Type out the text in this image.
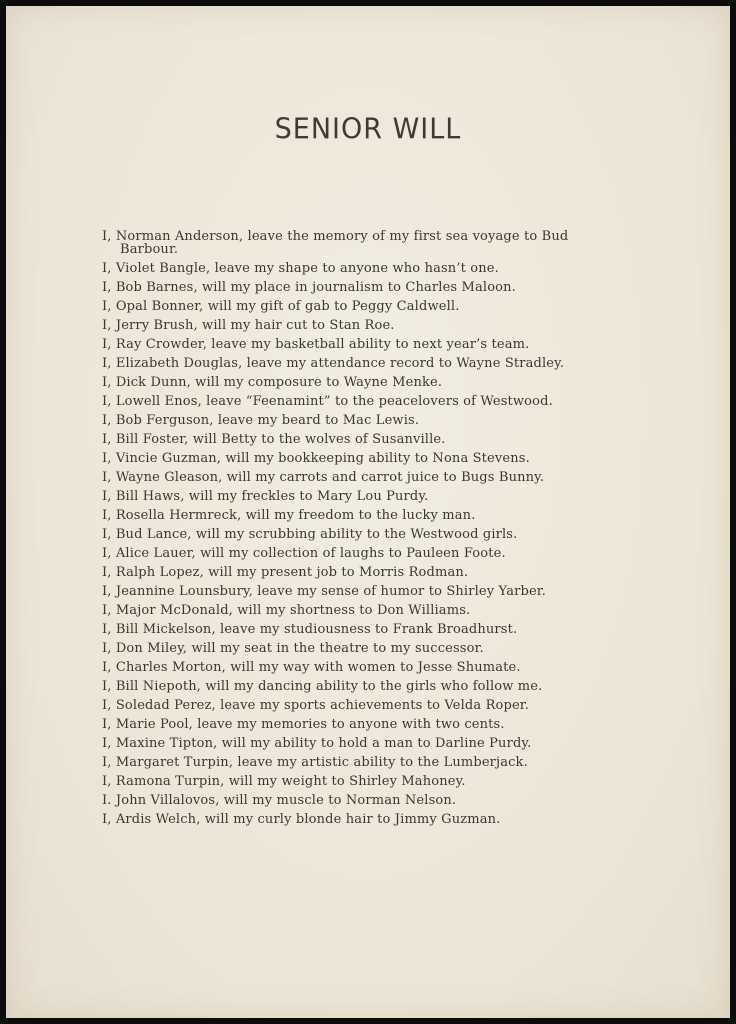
SENIOR WILL
I, Norman Anderson, leave the memory of my first sea voyage to Bud Barbour.
I, Violet Bangle, leave my shape to anyone who hasn’t one.
I, Bob Barnes, will my place in journalism to Charles Maloon.
I, Opal Bonner, will my gift of gab to Peggy Caldwell.
I, Jerry Brush, will my hair cut to Stan Roe.
I, Ray Crowder, leave my basketball ability to next year’s team.
I, Elizabeth Douglas, leave my attendance record to Wayne Stradley.
I, Dick Dunn, will my composure to Wayne Menke.
I, Lowell Enos, leave “Feenamint” to the peacelovers of Westwood.
I, Bob Ferguson, leave my beard to Mac Lewis.
I, Bill Foster, will Betty to the wolves of Susanville.
I, Vincie Guzman, will my bookkeeping ability to Nona Stevens.
I, Wayne Gleason, will my carrots and carrot juice to Bugs Bunny.
I, Bill Haws, will my freckles to Mary Lou Purdy.
I, Rosella Hermreck, will my freedom to the lucky man.
I, Bud Lance, will my scrubbing ability to the Westwood girls.
I, Alice Lauer, will my collection of laughs to Pauleen Foote.
I, Ralph Lopez, will my present job to Morris Rodman.
I, Jeannine Lounsbury, leave my sense of humor to Shirley Yarber.
I, Major McDonald, will my shortness to Don Williams.
I, Bill Mickelson, leave my studiousness to Frank Broadhurst.
I, Don Miley, will my seat in the theatre to my successor.
I, Charles Morton, will my way with women to Jesse Shumate.
I, Bill Niepoth, will my dancing ability to the girls who follow me.
I, Soledad Perez, leave my sports achievements to Velda Roper.
I, Marie Pool, leave my memories to anyone with two cents.
I, Maxine Tipton, will my ability to hold a man to Darline Purdy.
I, Margaret Turpin, leave my artistic ability to the Lumberjack.
I, Ramona Turpin, will my weight to Shirley Mahoney.
I. John Villalovos, will my muscle to Norman Nelson.
I, Ardis Welch, will my curly blonde hair to Jimmy Guzman.
